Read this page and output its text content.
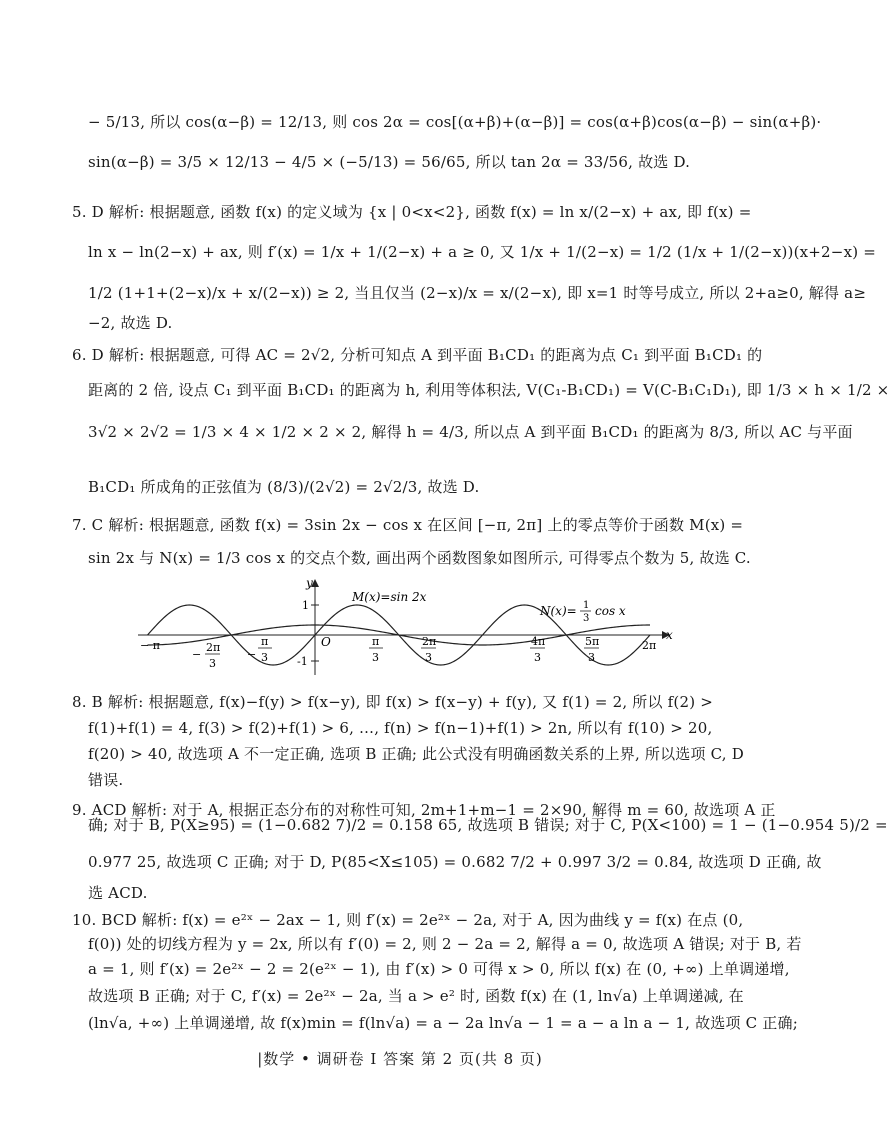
− 5/13, 所以 cos(α−β) = 12/13, 则 cos 2α = cos[(α+β)+(α−β)] = cos(α+β)cos(α−β) − sin(α+β)·
sin(α−β) = 3/5 × 12/13 − 4/5 × (−5/13) = 56/65, 所以 tan 2α = 33/56, 故选 D.
5. D 解析: 根据题意, 函数 f(x) 的定义域为 {x | 0<x<2}, 函数 f(x) = ln x/(2−x) + ax, 即 f(x) =
ln x − ln(2−x) + ax, 则 f′(x) = 1/x + 1/(2−x) + a ≥ 0, 又 1/x + 1/(2−x) = 1/2 (1/x + 1/(2−x))(x+2−x) =
1/2 (1+1+(2−x)/x + x/(2−x)) ≥ 2, 当且仅当 (2−x)/x = x/(2−x), 即 x=1 时等号成立, 所以 2+a≥0, 解得 a≥
−2, 故选 D.
6. D 解析: 根据题意, 可得 AC = 2√2, 分析可知点 A 到平面 B₁CD₁ 的距离为点 C₁ 到平面 B₁CD₁ 的
距离的 2 倍, 设点 C₁ 到平面 B₁CD₁ 的距离为 h, 利用等体积法, V(C₁-B₁CD₁) = V(C-B₁C₁D₁), 即 1/3 × h × 1/2 ×
3√2 × 2√2 = 1/3 × 4 × 1/2 × 2 × 2, 解得 h = 4/3, 所以点 A 到平面 B₁CD₁ 的距离为 8/3, 所以 AC 与平面
B₁CD₁ 所成角的正弦值为 (8/3)/(2√2) = 2√2/3, 故选 D.
7. C 解析: 根据题意, 函数 f(x) = 3sin 2x − cos x 在区间 [−π, 2π] 上的零点等价于函数 M(x) =
sin 2x 与 N(x) = 1/3 cos x 的交点个数, 画出两个函数图象如图所示, 可得零点个数为 5, 故选 C.
y
x
O
1
-1
M(x)=sin 2x
N(x)= 1
3
cos x
− π
−
2π
3
−
π
3
π
3
2π
3
4π
3
5π
3
2π
8. B 解析: 根据题意, f(x)−f(y) > f(x−y), 即 f(x) > f(x−y) + f(y), 又 f(1) = 2, 所以 f(2) >
f(1)+f(1) = 4, f(3) > f(2)+f(1) > 6, …, f(n) > f(n−1)+f(1) > 2n, 所以有 f(10) > 20,
f(20) > 40, 故选项 A 不一定正确, 选项 B 正确; 此公式没有明确函数关系的上界, 所以选项 C, D
错误.
9. ACD 解析: 对于 A, 根据正态分布的对称性可知, 2m+1+m−1 = 2×90, 解得 m = 60, 故选项 A 正
确; 对于 B, P(X≥95) = (1−0.682 7)/2 = 0.158 65, 故选项 B 错误; 对于 C, P(X<100) = 1 − (1−0.954 5)/2 =
0.977 25, 故选项 C 正确; 对于 D, P(85<X≤105) = 0.682 7/2 + 0.997 3/2 = 0.84, 故选项 D 正确, 故
选 ACD.
10. BCD 解析: f(x) = e²ˣ − 2ax − 1, 则 f′(x) = 2e²ˣ − 2a, 对于 A, 因为曲线 y = f(x) 在点 (0,
f(0)) 处的切线方程为 y = 2x, 所以有 f′(0) = 2, 则 2 − 2a = 2, 解得 a = 0, 故选项 A 错误; 对于 B, 若
a = 1, 则 f′(x) = 2e²ˣ − 2 = 2(e²ˣ − 1), 由 f′(x) > 0 可得 x > 0, 所以 f(x) 在 (0, +∞) 上单调递增,
故选项 B 正确; 对于 C, f′(x) = 2e²ˣ − 2a, 当 a > e² 时, 函数 f(x) 在 (1, ln√a) 上单调递减, 在
(ln√a, +∞) 上单调递增, 故 f(x)min = f(ln√a) = a − 2a ln√a − 1 = a − a ln a − 1, 故选项 C 正确;
|数学 • 调研卷 I 答案 第 2 页(共 8 页)
